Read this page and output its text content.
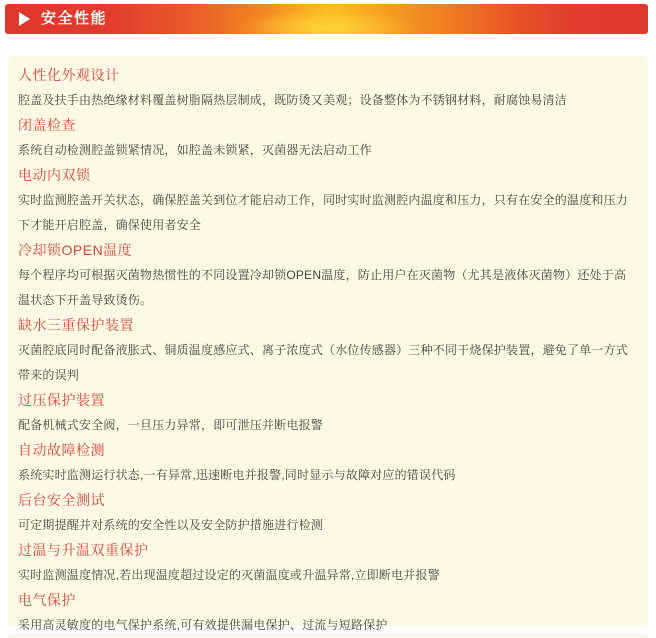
安全性能
人性化外观设计

腔盖及扶手由热绝缘材料覆盖树脂隔热层制成，既防烫又美观；设备整体为不锈钢材料，耐腐蚀易清洁

闭盖检查

系统自动检测腔盖锁紧情况，如腔盖未锁紧，灭菌器无法启动工作

电动内双锁

实时监测腔盖开关状态，确保腔盖关到位才能启动工作，同时实时监测腔内温度和压力，只有在安全的温度和压力下才能开启腔盖，确保使用者安全

冷却锁OPEN温度

每个程序均可根据灭菌物热惯性的不同设置冷却锁OPEN温度，防止用户在灭菌物（尤其是液体灭菌物）还处于高温状态下开盖导致烫伤。

缺水三重保护装置

灭菌腔底同时配备液胀式、铜质温度感应式、离子浓度式（水位传感器）三种不同干烧保护装置，避免了单一方式带来的误判

过压保护装置

配备机械式安全阀，一旦压力异常，即可泄压并断电报警

自动故障检测

系统实时监测运行状态,一有异常,迅速断电并报警,同时显示与故障对应的错误代码

后台安全测试

可定期提醒并对系统的安全性以及安全防护措施进行检测

过温与升温双重保护

实时监测温度情况,若出现温度超过设定的灭菌温度或升温异常,立即断电并报警

电气保护

采用高灵敏度的电气保护系统,可有效提供漏电保护、过流与短路保护
